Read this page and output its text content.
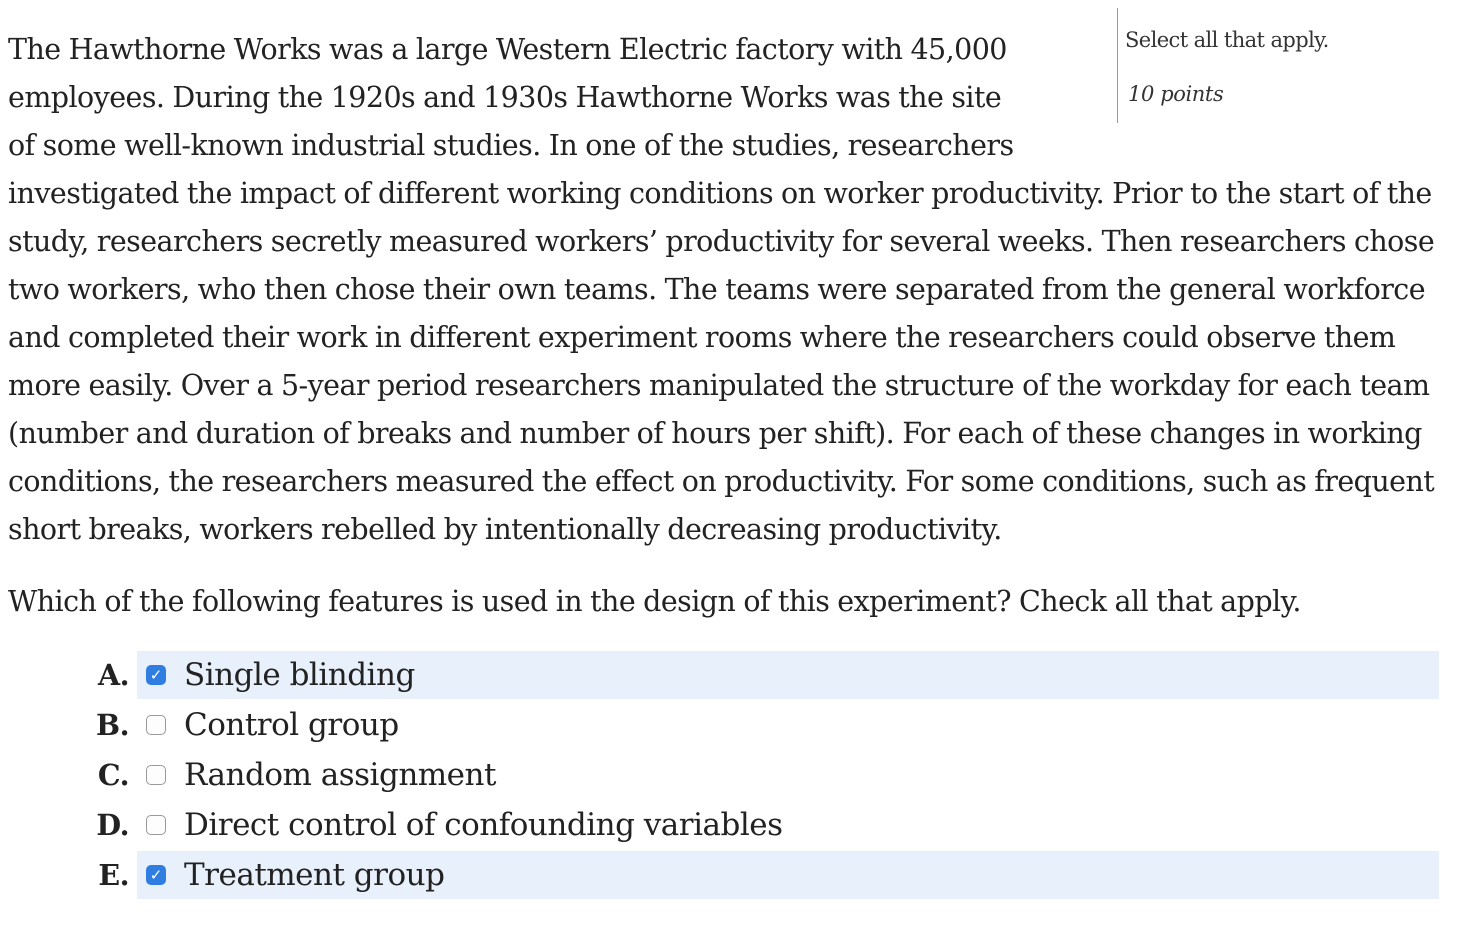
Select all that apply.
10 points

The Hawthorne Works was a large Western Electric factory with 45,000 employees. During the 1920s and 1930s Hawthorne Works was the site of some well-known industrial studies. In one of the studies, researchers investigated the impact of different working conditions on worker productivity. Prior to the start of the study, researchers secretly measured workers’ productivity for several weeks. Then researchers chose two workers, who then chose their own teams. The teams were separated from the general workforce and completed their work in different experiment rooms where the researchers could observe them more easily. Over a 5-year period researchers manipulated the structure of the workday for each team (number and duration of breaks and number of hours per shift). For each of these changes in working conditions, the researchers measured the effect on productivity. For some conditions, such as frequent short breaks, workers rebelled by intentionally decreasing productivity.

Which of the following features is used in the design of this experiment? Check all that apply.

A. ✓ Single blinding
B. Control group
C. Random assignment
D. Direct control of confounding variables
E. ✓ Treatment group
